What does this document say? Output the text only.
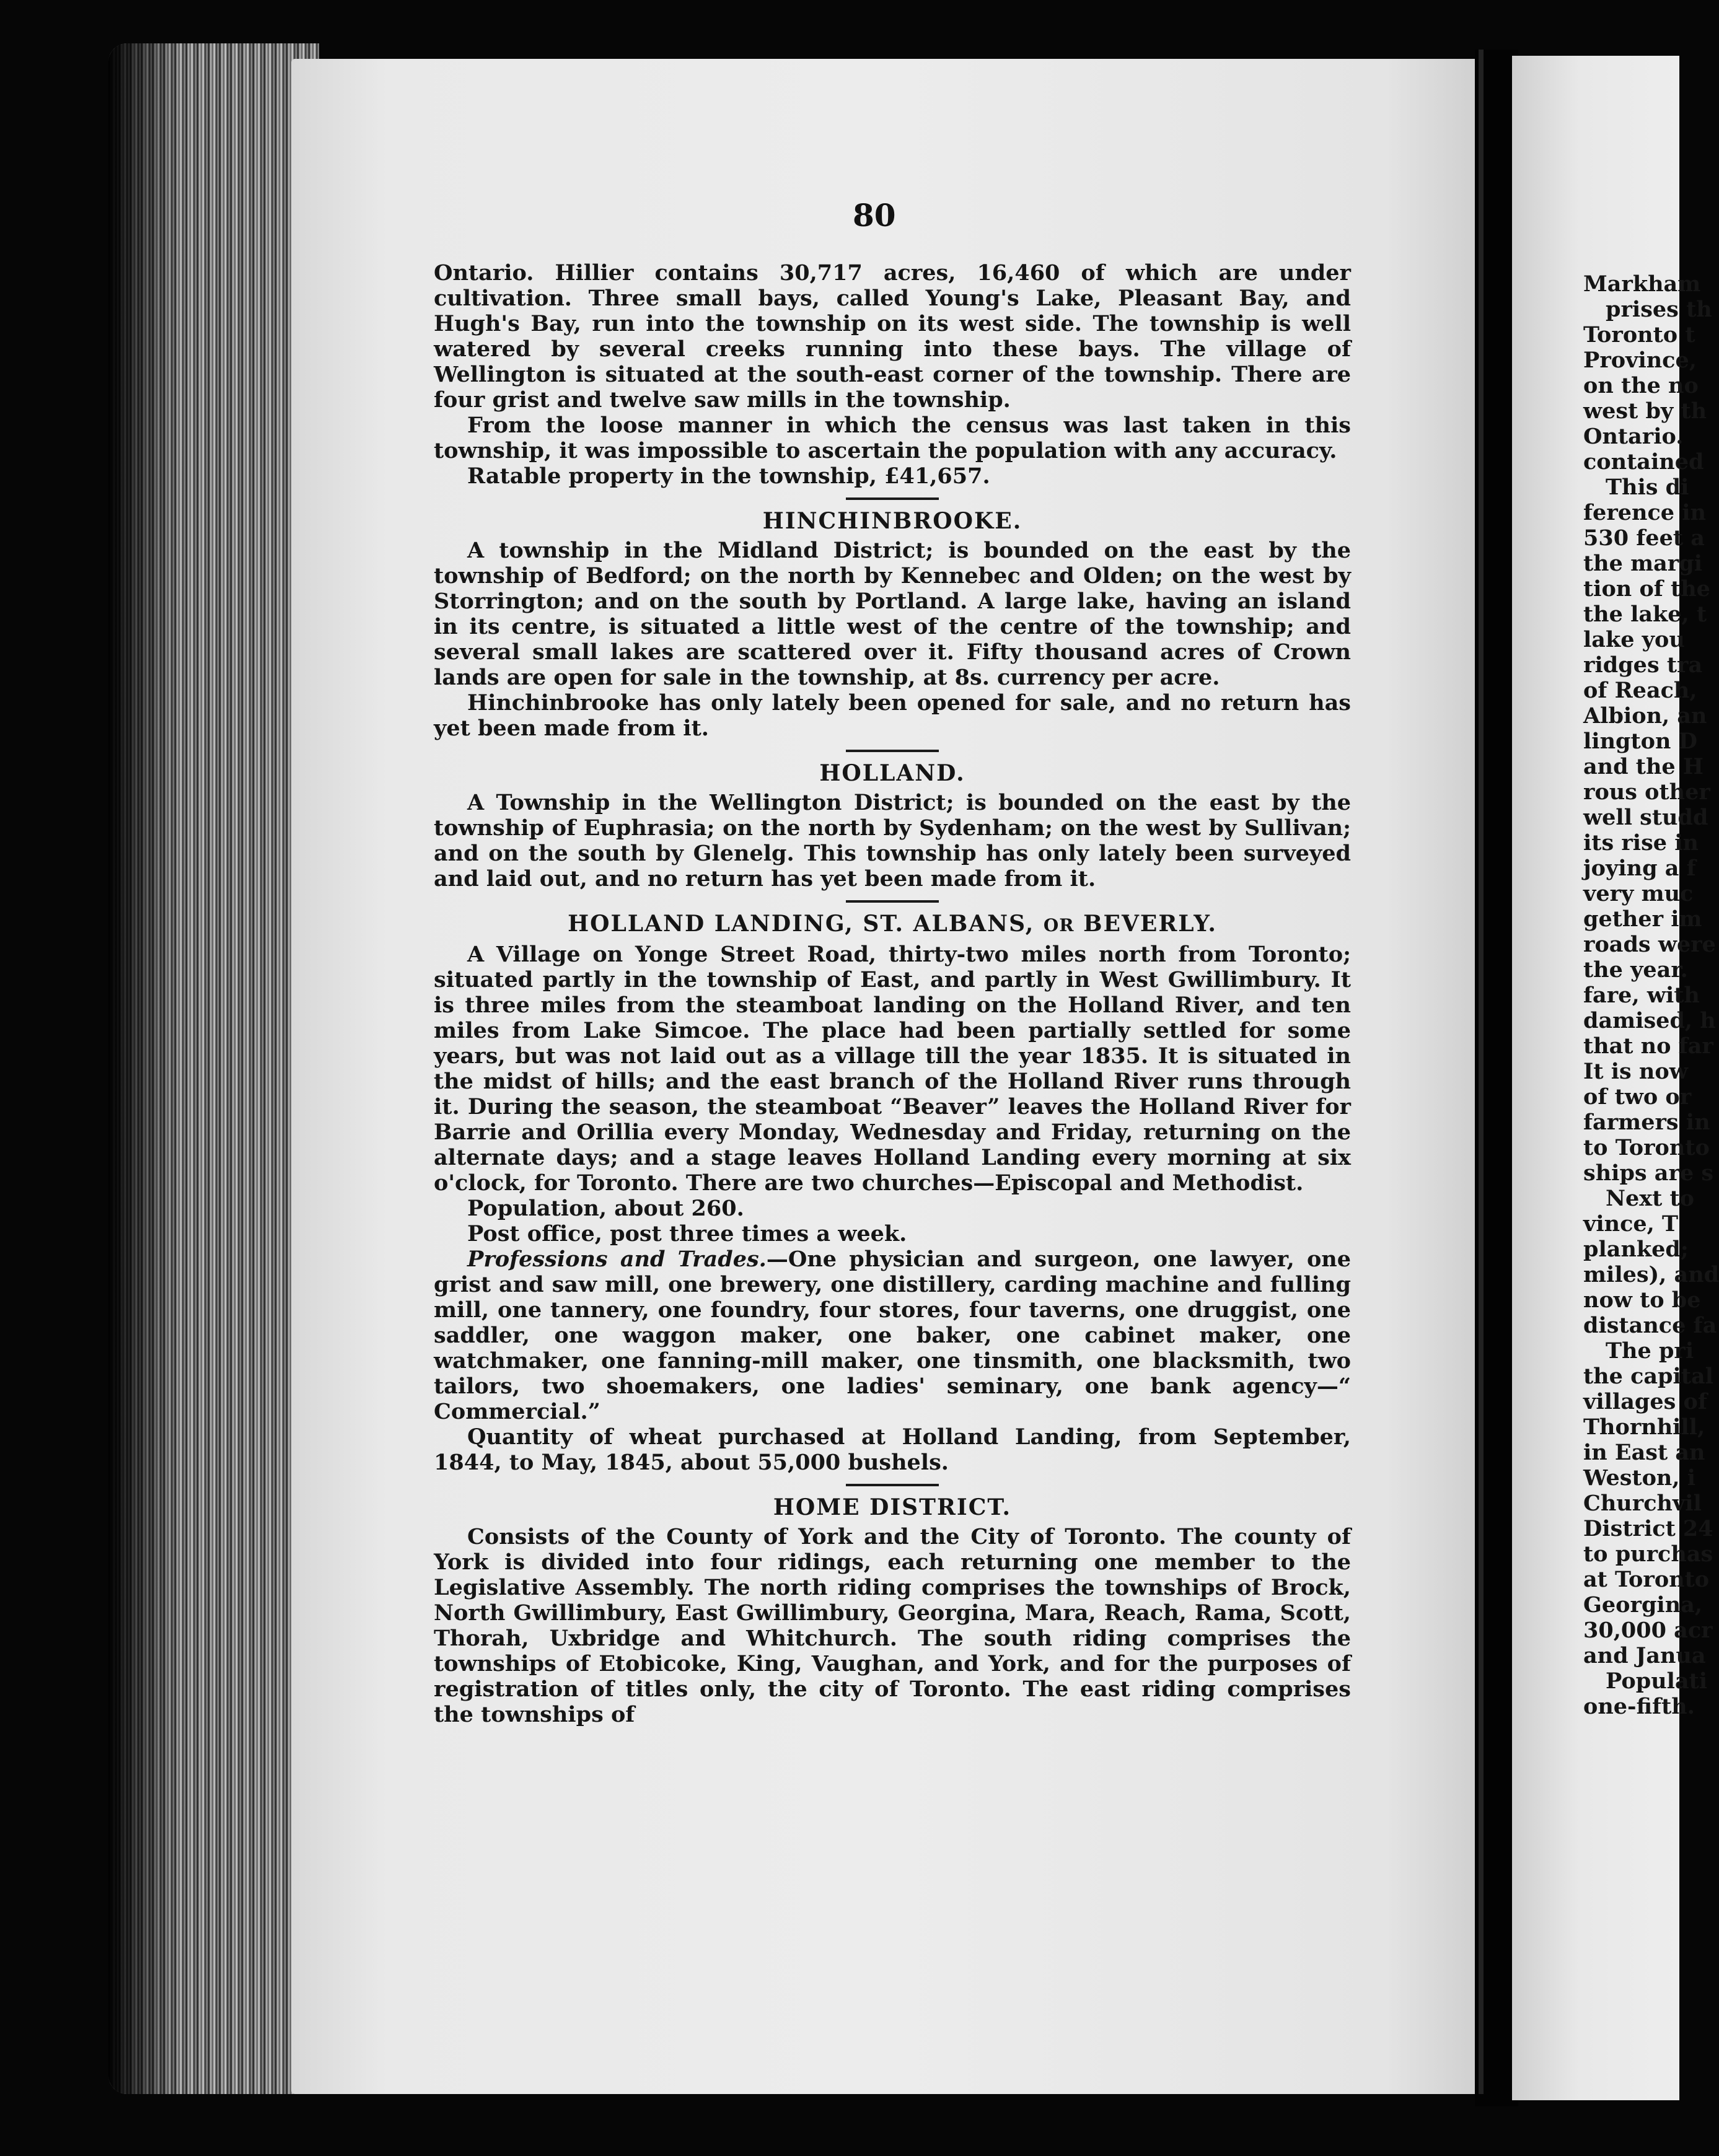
80

Ontario. Hillier contains 30,717 acres, 16,460 of which are under cultivation. Three small bays, called Young's Lake, Pleasant Bay, and Hugh's Bay, run into the township on its west side. The township is well watered by several creeks running into these bays. The village of Wellington is situated at the south-east corner of the township. There are four grist and twelve saw mills in the township.

From the loose manner in which the census was last taken in this township, it was impossible to ascertain the population with any accuracy.

Ratable property in the township, £41,657.

HINCHINBROOKE.

A township in the Midland District; is bounded on the east by the township of Bedford; on the north by Kennebec and Olden; on the west by Storrington; and on the south by Portland. A large lake, having an island in its centre, is situated a little west of the centre of the township; and several small lakes are scattered over it. Fifty thousand acres of Crown lands are open for sale in the township, at 8s. currency per acre.

Hinchinbrooke has only lately been opened for sale, and no return has yet been made from it.

HOLLAND.

A Township in the Wellington District; is bounded on the east by the township of Euphrasia; on the north by Sydenham; on the west by Sullivan; and on the south by Glenelg. This township has only lately been surveyed and laid out, and no return has yet been made from it.

HOLLAND LANDING, ST. ALBANS, OR BEVERLY.

A Village on Yonge Street Road, thirty-two miles north from Toronto; situated partly in the township of East, and partly in West Gwillimbury. It is three miles from the steamboat landing on the Holland River, and ten miles from Lake Simcoe. The place had been partially settled for some years, but was not laid out as a village till the year 1835. It is situated in the midst of hills; and the east branch of the Holland River runs through it. During the season, the steamboat “Beaver” leaves the Holland River for Barrie and Orillia every Monday, Wednesday and Friday, returning on the alternate days; and a stage leaves Holland Landing every morning at six o'clock, for Toronto. There are two churches—Episcopal and Methodist.

Population, about 260.

Post office, post three times a week.

Professions and Trades.—One physician and surgeon, one lawyer, one grist and saw mill, one brewery, one distillery, carding machine and fulling mill, one tannery, one foundry, four stores, four taverns, one druggist, one saddler, one waggon maker, one baker, one cabinet maker, one watchmaker, one fanning-mill maker, one tinsmith, one blacksmith, two tailors, two shoemakers, one ladies' seminary, one bank agency—“ Commercial.”

Quantity of wheat purchased at Holland Landing, from September, 1844, to May, 1845, about 55,000 bushels.

HOME DISTRICT.

Consists of the County of York and the City of Toronto. The county of York is divided into four ridings, each returning one member to the Legislative Assembly. The north riding comprises the townships of Brock, North Gwillimbury, East Gwillimbury, Georgina, Mara, Reach, Rama, Scott, Thorah, Uxbridge and Whitchurch. The south riding comprises the townships of Etobicoke, King, Vaughan, and York, and for the purposes of registration of titles only, the city of Toronto. The east riding comprises the townships of

Markham
prises th
Toronto t
Province,
on the no
west by th
Ontario.
contained
This di
ference in
530 feet a
the margi
tion of the
the lake, t
lake you
ridges tra
of Reach,
Albion, an
lington D
and the H
rous other
well studd
its rise in
joying a f
very muc
gether im
roads were
the year.
fare, with
damised, h
that no far
It is now
of two or
farmers in
to Toronto
ships are s
Next to
vince, T
planked;
miles), and
now to be
distance fa
The pri
the capital
villages of
Thornhill,
in East an
Weston, i
Churchvil
District 24
to purchas
at Toronto
Georgina,
30,000 acr
and Janua
Populati
one-fifth.
